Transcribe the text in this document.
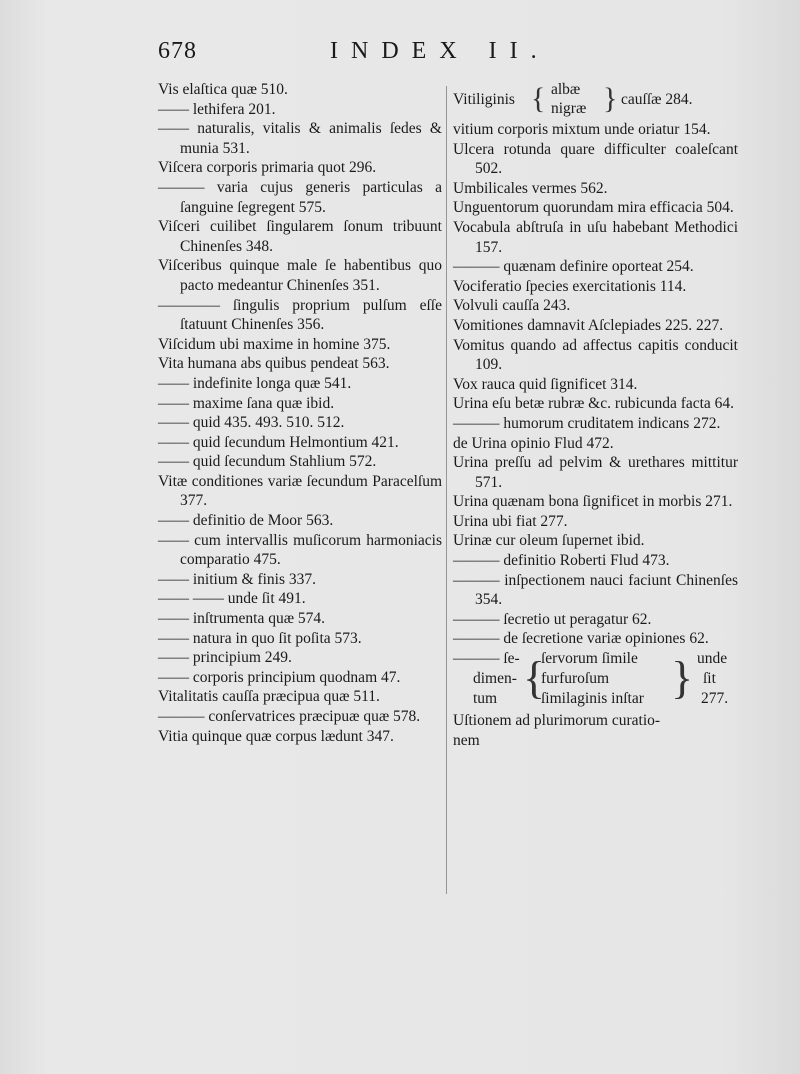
678	INDEX II.
Vis elaſtica quæ 510.
—— lethifera 201.
—— naturalis, vitalis & animalis ſedes & munia 531.
Viſcera corporis primaria quot 296.
——— varia cujus generis particulas a ſanguine ſegregent 575.
Viſceri cuilibet ſingularem ſonum tribuunt Chinenſes 348.
Viſceribus quinque male ſe habentibus quo pacto medeantur Chinenſes 351.
———— ſingulis proprium pulſum eſſe ſtatuunt Chinenſes 356.
Viſcidum ubi maxime in homine 375.
Vita humana abs quibus pendeat 563.
—— indefinite longa quæ 541.
—— maxime ſana quæ ibid.
—— quid 435. 493. 510. 512.
—— quid ſecundum Helmontium 421.
—— quid ſecundum Stahlium 572.
Vitæ conditiones variæ ſecundum Paracelſum 377.
—— definitio de Moor 563.
—— cum intervallis muſicorum harmoniacis comparatio 475.
—— initium & finis 337.
—— —— unde ſit 491.
—— inſtrumenta quæ 574.
—— natura in quo ſit poſita 573.
—— principium 249.
—— corporis principium quodnam 47.
Vitalitatis cauſſa præcipua quæ 511.
——— conſervatrices præcipuæ quæ 578.
Vitia quinque quæ corpus lædunt 347.
Vitiliginis { albæ
nigræ } cauſſæ 284.
vitium corporis mixtum unde oriatur 154.
Ulcera rotunda quare difficulter coaleſcant 502.
Umbilicales vermes 562.
Unguentorum quorundam mira efficacia 504.
Vocabula abſtruſa in uſu habebant Methodici 157.
——— quænam definire oporteat 254.
Vociferatio ſpecies exercitationis 114.
Volvuli cauſſa 243.
Vomitiones damnavit Aſclepiades 225. 227.
Vomitus quando ad affectus capitis conducit 109.
Vox rauca quid ſignificet 314.
Urina eſu betæ rubræ &c. rubicunda facta 64.
——— humorum cruditatem indicans 272.
de Urina opinio Flud 472.
Urina preſſu ad pelvim & urethares mittitur 571.
Urina quænam bona ſignificet in morbis 271.
Urina ubi fiat 277.
Urinæ cur oleum ſupernet ibid.
——— definitio Roberti Flud 473.
——— inſpectionem nauci faciunt Chinenſes 354.
——— ſecretio ut peragatur 62.
——— de ſecretione variæ opiniones 62.
——— ſe-
dimen-
tum {
ſervorum ſimile
furfuroſum
ſimilaginis inſtar } unde
ſit
277.
Uſtionem ad plurimorum curatio-
nem
